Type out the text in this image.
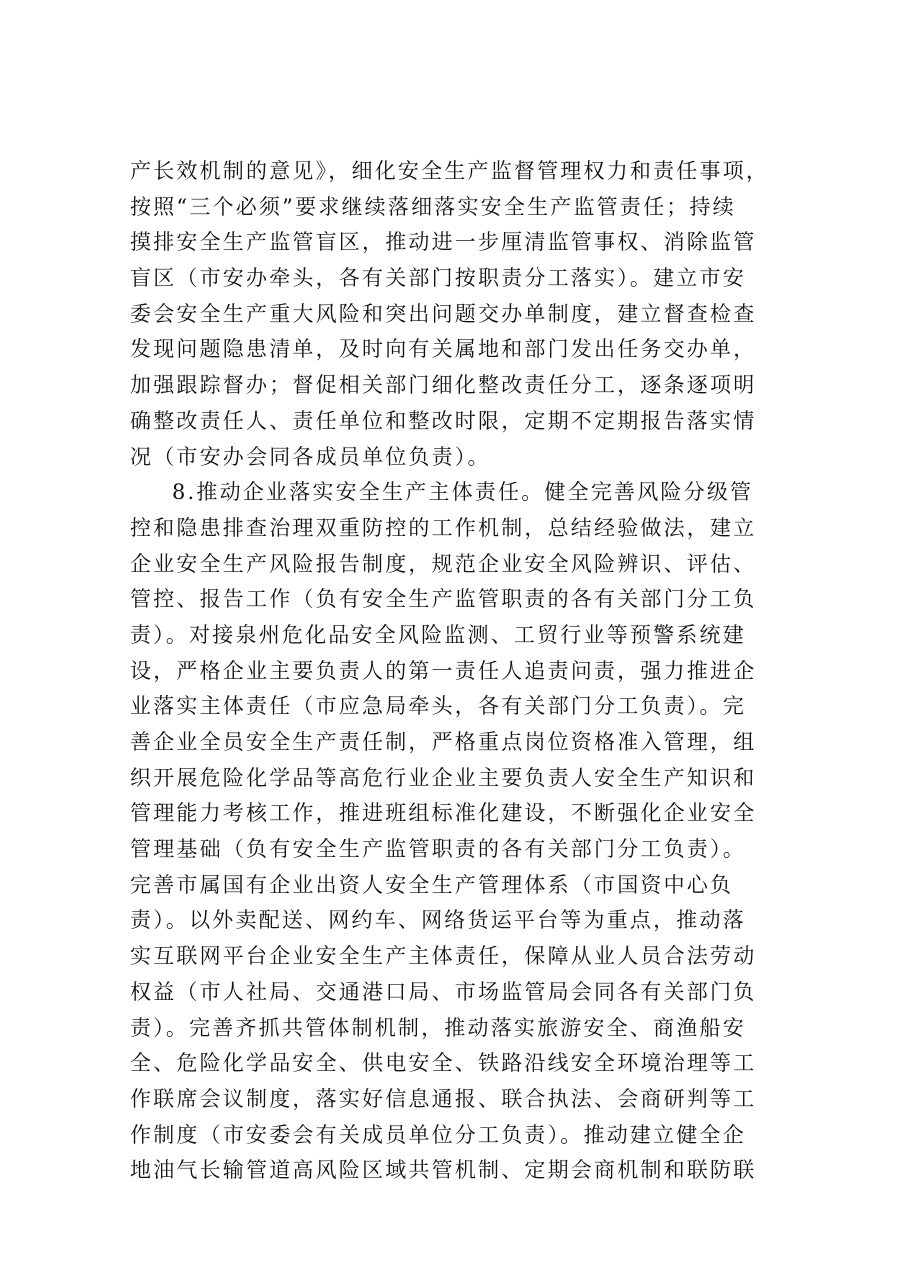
产长效机制的意见》，细化安全生产监督管理权力和责任事项，
按照“三个必须”要求继续落细落实安全生产监管责任；持续
摸排安全生产监管盲区，推动进一步厘清监管事权、消除监管
盲区（市安办牵头，各有关部门按职责分工落实）。建立市安
委会安全生产重大风险和突出问题交办单制度，建立督查检查
发现问题隐患清单，及时向有关属地和部门发出任务交办单，
加强跟踪督办；督促相关部门细化整改责任分工，逐条逐项明
确整改责任人、责任单位和整改时限，定期不定期报告落实情
况（市安办会同各成员单位负责）。
8.推动企业落实安全生产主体责任。健全完善风险分级管
控和隐患排查治理双重防控的工作机制，总结经验做法，建立
企业安全生产风险报告制度，规范企业安全风险辨识、评估、
管控、报告工作（负有安全生产监管职责的各有关部门分工负
责）。对接泉州危化品安全风险监测、工贸行业等预警系统建
设，严格企业主要负责人的第一责任人追责问责，强力推进企
业落实主体责任（市应急局牵头，各有关部门分工负责）。完
善企业全员安全生产责任制，严格重点岗位资格准入管理，组
织开展危险化学品等高危行业企业主要负责人安全生产知识和
管理能力考核工作，推进班组标准化建设，不断强化企业安全
管理基础（负有安全生产监管职责的各有关部门分工负责）。
完善市属国有企业出资人安全生产管理体系（市国资中心负
责）。以外卖配送、网约车、网络货运平台等为重点，推动落
实互联网平台企业安全生产主体责任，保障从业人员合法劳动
权益（市人社局、交通港口局、市场监管局会同各有关部门负
责）。完善齐抓共管体制机制，推动落实旅游安全、商渔船安
全、危险化学品安全、供电安全、铁路沿线安全环境治理等工
作联席会议制度，落实好信息通报、联合执法、会商研判等工
作制度（市安委会有关成员单位分工负责）。推动建立健全企
地油气长输管道高风险区域共管机制、定期会商机制和联防联
